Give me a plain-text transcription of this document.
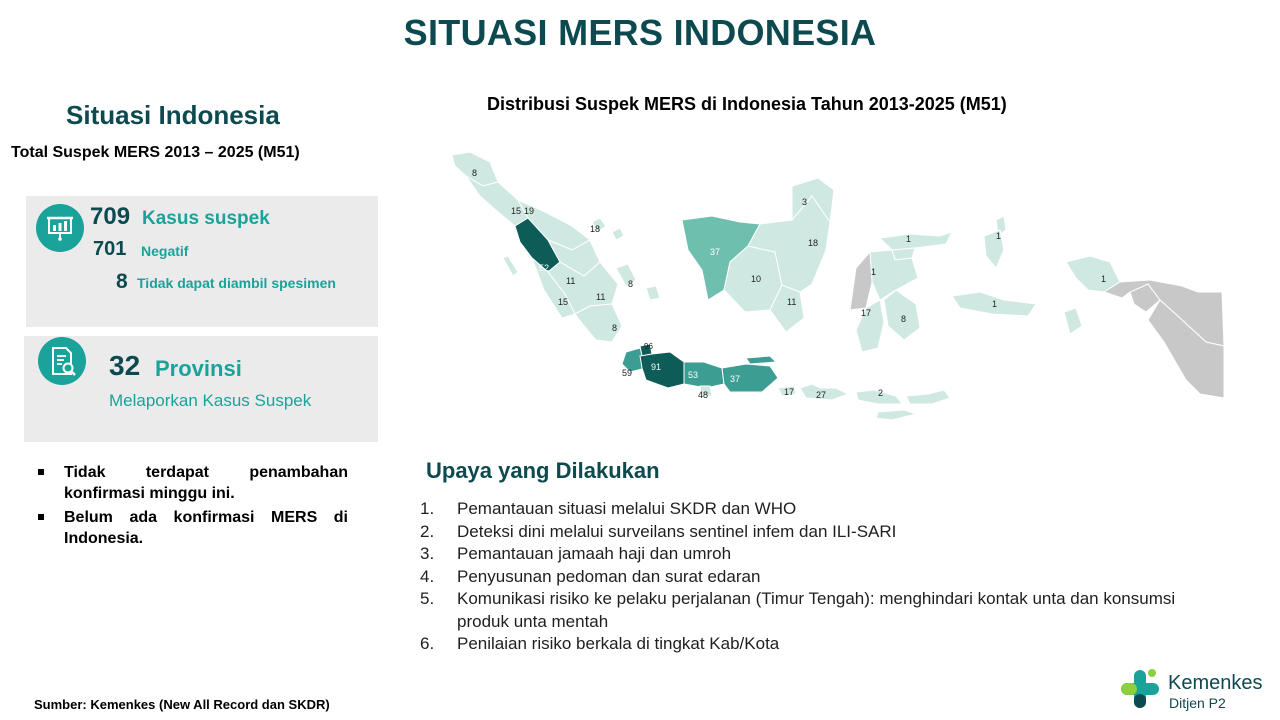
SITUASI MERS INDONESIA
Situasi Indonesia
Total Suspek MERS 2013 – 2025 (M51)
709 Kasus suspek
701 Negatif
8 Tidak dapat diambil spesimen
32 Provinsi
Melaporkan Kasus Suspek
Tidak terdapat penambahan konfirmasi minggu ini.
Belum ada konfirmasi MERS di Indonesia.
Distribusi Suspek MERS di Indonesia Tahun 2013-2025 (M51)
8
15 19
18
52
11	8
11
15
8
3
18
37
10
11
1	1
1
1
1
17
8
96
91
59	53	37
48	17 27	2
Upaya yang Dilakukan
1. Pemantauan situasi melalui SKDR dan WHO
2. Deteksi dini melalui surveilans sentinel infem dan ILI-SARI
3. Pemantauan jamaah haji dan umroh
4. Penyusunan pedoman dan surat edaran
5. Komunikasi risiko ke pelaku perjalanan (Timur Tengah): menghindari kontak unta dan konsumsi produk unta mentah
6. Penilaian risiko berkala di tingkat Kab/Kota
Sumber: Kemenkes (New All Record dan SKDR)
Kemenkes
Ditjen P2
